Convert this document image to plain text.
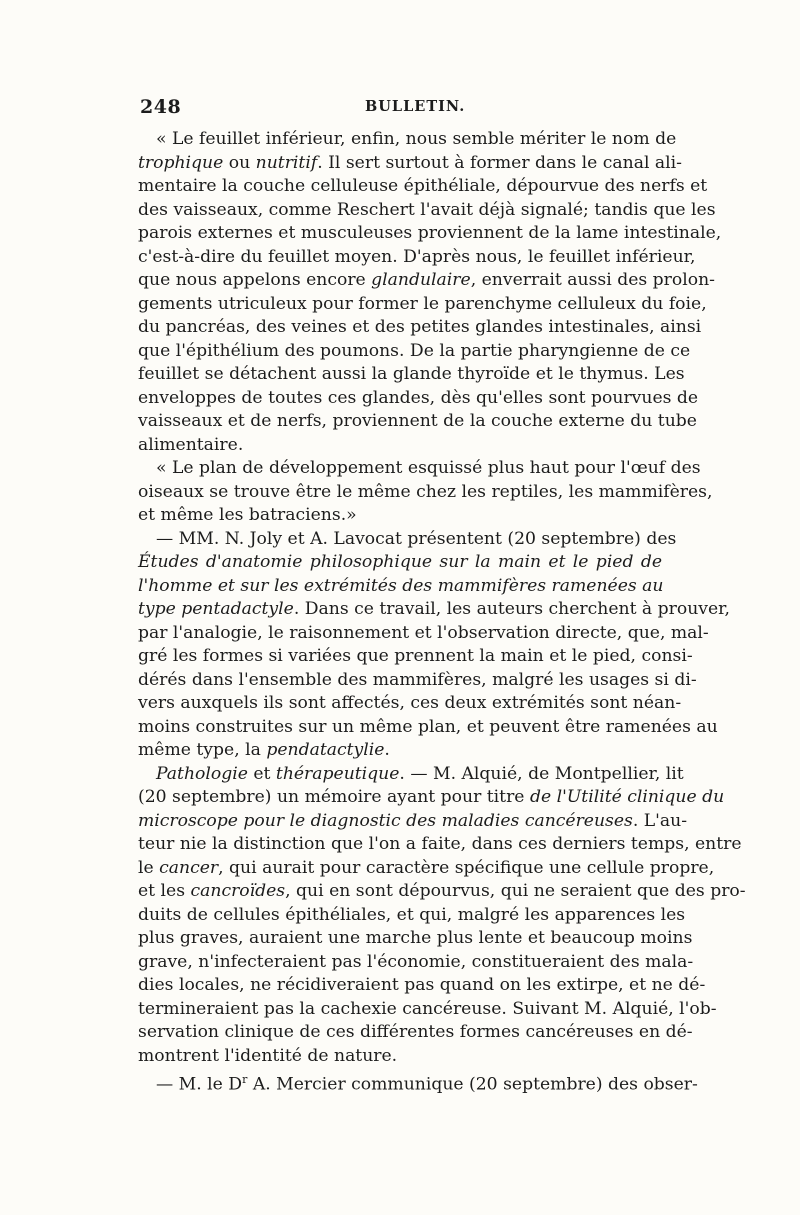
248	BULLETIN.
« Le feuillet inférieur, enfin, nous semble mériter le nom de
trophique ou nutritif. Il sert surtout à former dans le canal ali-
mentaire la couche celluleuse épithéliale, dépourvue des nerfs et
des vaisseaux, comme Reschert l'avait déjà signalé; tandis que les
parois externes et musculeuses proviennent de la lame intestinale,
c'est-à-dire du feuillet moyen. D'après nous, le feuillet inférieur,
que nous appelons encore glandulaire, enverrait aussi des prolon-
gements utriculeux pour former le parenchyme celluleux du foie,
du pancréas, des veines et des petites glandes intestinales, ainsi
que l'épithélium des poumons. De la partie pharyngienne de ce
feuillet se détachent aussi la glande thyroïde et le thymus. Les
enveloppes de toutes ces glandes, dès qu'elles sont pourvues de
vaisseaux et de nerfs, proviennent de la couche externe du tube
alimentaire.
« Le plan de développement esquissé plus haut pour l'œuf des
oiseaux se trouve être le même chez les reptiles, les mammifères,
et même les batraciens.»
— MM. N. Joly et A. Lavocat présentent (20 septembre) des
Études d'anatomie philosophique sur la main et le pied de
l'homme et sur les extrémités des mammifères ramenées au
type pentadactyle. Dans ce travail, les auteurs cherchent à prouver,
par l'analogie, le raisonnement et l'observation directe, que, mal-
gré les formes si variées que prennent la main et le pied, consi-
dérés dans l'ensemble des mammifères, malgré les usages si di-
vers auxquels ils sont affectés, ces deux extrémités sont néan-
moins construites sur un même plan, et peuvent être ramenées au
même type, la pendatactylie.
Pathologie et thérapeutique. — M. Alquié, de Montpellier, lit
(20 septembre) un mémoire ayant pour titre de l'Utilité clinique du
microscope pour le diagnostic des maladies cancéreuses. L'au-
teur nie la distinction que l'on a faite, dans ces derniers temps, entre
le cancer, qui aurait pour caractère spécifique une cellule propre,
et les cancroïdes, qui en sont dépourvus, qui ne seraient que des pro-
duits de cellules épithéliales, et qui, malgré les apparences les
plus graves, auraient une marche plus lente et beaucoup moins
grave, n'infecteraient pas l'économie, constitueraient des mala-
dies locales, ne récidiveraient pas quand on les extirpe, et ne dé-
termineraient pas la cachexie cancéreuse. Suivant M. Alquié, l'ob-
servation clinique de ces différentes formes cancéreuses en dé-
montrent l'identité de nature.
— M. le $D^r$ A. Mercier communique (20 septembre) des obser-
